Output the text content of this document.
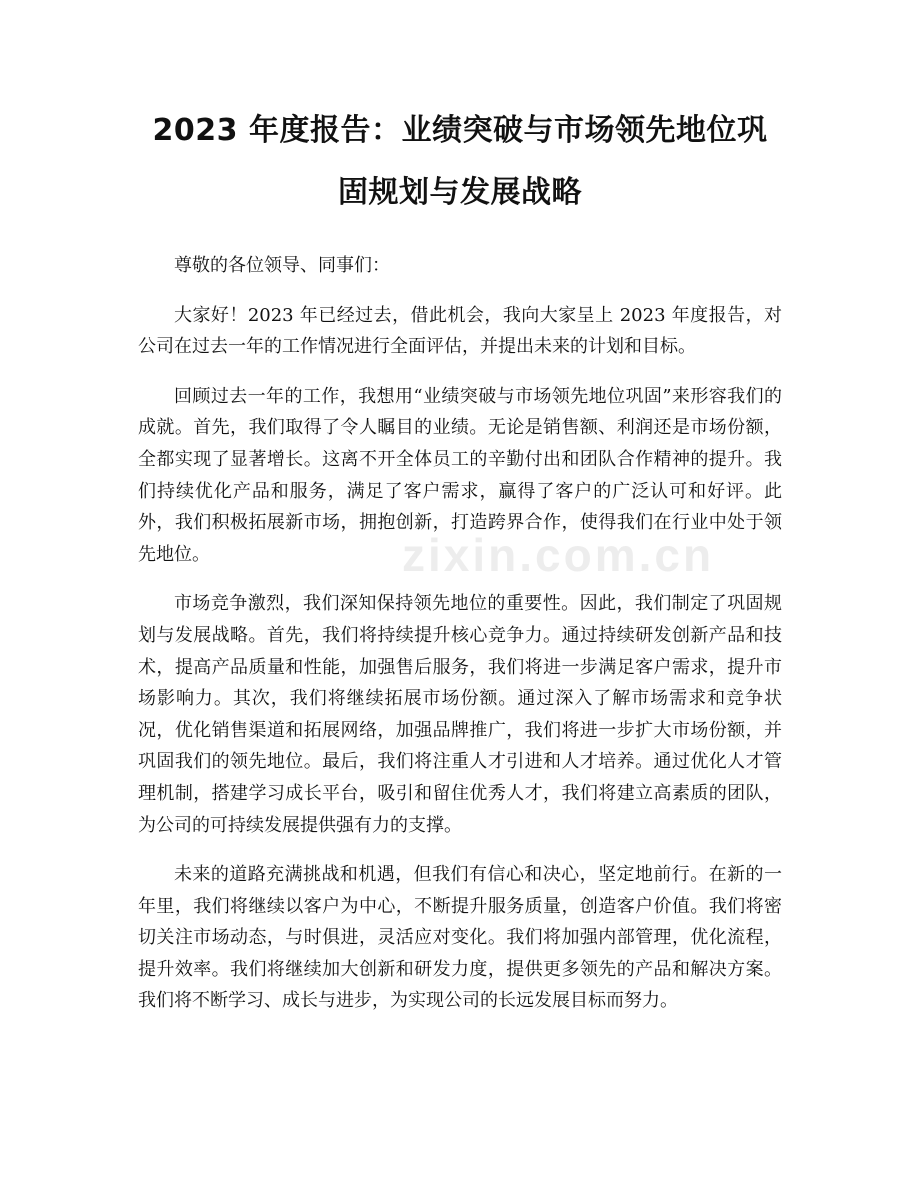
2023 年度报告：业绩突破与市场领先地位巩
固规划与发展战略

尊敬的各位领导、同事们：

大家好！2023 年已经过去，借此机会，我向大家呈上 2023 年度报告，对公司在过去一年的工作情况进行全面评估，并提出未来的计划和目标。

回顾过去一年的工作，我想用“业绩突破与市场领先地位巩固”来形容我们的成就。首先，我们取得了令人瞩目的业绩。无论是销售额、利润还是市场份额，全都实现了显著增长。这离不开全体员工的辛勤付出和团队合作精神的提升。我们持续优化产品和服务，满足了客户需求，赢得了客户的广泛认可和好评。此外，我们积极拓展新市场，拥抱创新，打造跨界合作，使得我们在行业中处于领先地位。

市场竞争激烈，我们深知保持领先地位的重要性。因此，我们制定了巩固规划与发展战略。首先，我们将持续提升核心竞争力。通过持续研发创新产品和技术，提高产品质量和性能，加强售后服务，我们将进一步满足客户需求，提升市场影响力。其次，我们将继续拓展市场份额。通过深入了解市场需求和竞争状况，优化销售渠道和拓展网络，加强品牌推广，我们将进一步扩大市场份额，并巩固我们的领先地位。最后，我们将注重人才引进和人才培养。通过优化人才管理机制，搭建学习成长平台，吸引和留住优秀人才，我们将建立高素质的团队，为公司的可持续发展提供强有力的支撑。

未来的道路充满挑战和机遇，但我们有信心和决心，坚定地前行。在新的一年里，我们将继续以客户为中心，不断提升服务质量，创造客户价值。我们将密切关注市场动态，与时俱进，灵活应对变化。我们将加强内部管理，优化流程，提升效率。我们将继续加大创新和研发力度，提供更多领先的产品和解决方案。我们将不断学习、成长与进步，为实现公司的长远发展目标而努力。

zixin.com.cn
